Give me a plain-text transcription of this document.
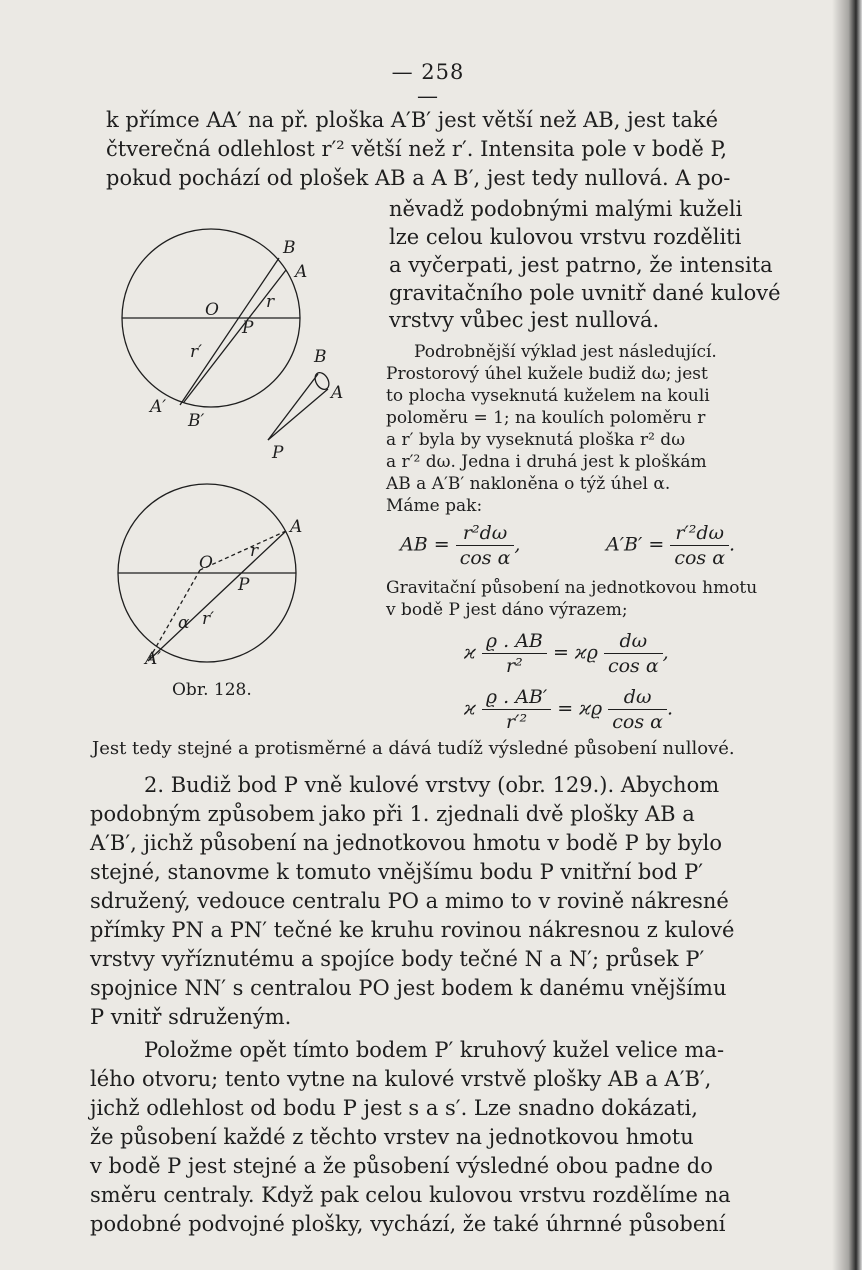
— 258 —
k přímce AA′ na př. ploška A′B′ jest větší než AB, jest také
čtverečná odlehlost r′² větší než r′. Intensita pole v bodě P,
pokud pochází od plošek AB a A B′, jest tedy nullová. A po-
něvadž podobnými malými kuželi
lze celou kulovou vrstvu rozděliti
a vyčerpati, jest patrno, že intensita
gravitačního pole uvnitř dané kulové
vrstvy vůbec jest nullová.
Podrobnější výklad jest následující.
Prostorový úhel kužele budiž dω; jest
to plocha vyseknutá kuželem na kouli
poloměru = 1; na koulích poloměru r
a r′ byla by vyseknutá ploška r² dω
a r′² dω. Jedna i druhá jest k ploškám
AB a A′B′ nakloněna o týž úhel α.
Máme pak:
AB = $\frac{\text{r²dω}}{\text{cos α}}$ ,	$A'B' = \frac{\text{r′²dω}}{\text{cos α}}$ .
Gravitační působení na jednotkovou hmotu
v bodě P jest dáno výrazem;
ϰ $\frac{ϱ . AB}{\text{r²}} = ϰϱ \frac{d\omega}{\text{cos α}}$ ,
ϰ $\frac{ϱ . AB'}{\text{r′²}} = ϰϱ \frac{d\omega}{\text{cos α}}$ .
Obr. 128.
Jest tedy stejné a protisměrné a dává tudíž výsledné působení nullové.
2. Budiž bod P vně kulové vrstvy (obr. 129.). Abychom
podobným způsobem jako při 1. zjednali dvě plošky AB a
A′B′, jichž působení na jednotkovou hmotu v bodě P by bylo
stejné, stanovme k tomuto vnějšímu bodu P vnitřní bod P′
sdružený, vedouce centralu PO a mimo to v rovině nákresné
přímky PN a PN′ tečné ke kruhu rovinou nákresnou z kulové
vrstvy vyříznutému a spojíce body tečné N a N′; průsek P′
spojnice NN′ s centralou PO jest bodem k danému vnějšímu
P vnitř sdruženým.
Položme opět tímto bodem P′ kruhový kužel velice ma-
lého otvoru; tento vytne na kulové vrstvě plošky AB a A′B′,
jichž odlehlost od bodu P jest s a s′. Lze snadno dokázati,
že působení každé z těchto vrstev na jednotkovou hmotu
v bodě P jest stejné a že působení výsledné obou padne do
směru centraly. Když pak celou kulovou vrstvu rozdělíme na
podobné podvojné plošky, vychází, že také úhrnné působení
B
A
O	r
P
r′
A′
B′
B
A
P
A
O
r
P
r′
α
A′
